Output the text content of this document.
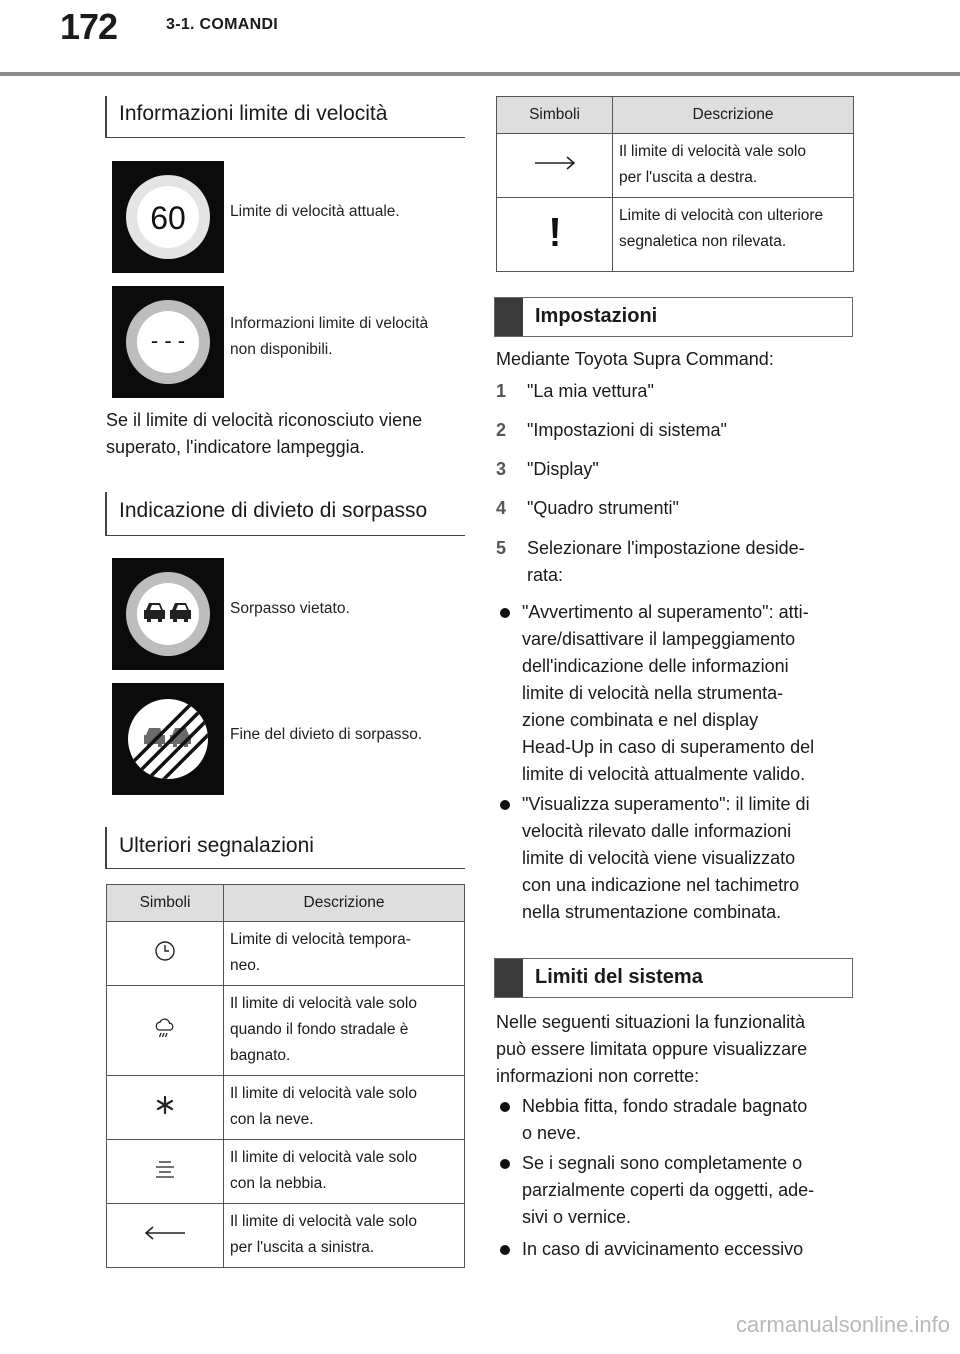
172	3-1. COMANDI
Informazioni limite di velocità
60	Limite di velocità attuale.
- - -
Informazioni limite di velocità
non disponibili.
Se il limite di velocità riconosciuto viene
superato, l'indicatore lampeggia.
Indicazione di divieto di sorpasso
Sorpasso vietato.
Fine del divieto di sorpasso.
Ulteriori segnalazioni
Simboli	Descrizione

Limite di velocità tempora-
neo.

Il limite di velocità vale solo
quando il fondo stradale è
bagnato.

Il limite di velocità vale solo
con la neve.

Il limite di velocità vale solo
con la nebbia.

Il limite di velocità vale solo
per l'uscita a sinistra.
Simboli	Descrizione

Il limite di velocità vale solo
per l'uscita a destra.

Limite di velocità con ulteriore
segnaletica non rilevata.
Impostazioni
Mediante Toyota Supra Command:
1 "La mia vettura"
2 "Impostazioni di sistema"
3 "Display"
4 "Quadro strumenti"
5 Selezionare l'impostazione deside-
rata:
"Avvertimento al superamento": atti-
vare/disattivare il lampeggiamento
dell'indicazione delle informazioni
limite di velocità nella strumenta-
zione combinata e nel display
Head-Up in caso di superamento del
limite di velocità attualmente valido.
"Visualizza superamento": il limite di
velocità rilevato dalle informazioni
limite di velocità viene visualizzato
con una indicazione nel tachimetro
nella strumentazione combinata.
Limiti del sistema
Nelle seguenti situazioni la funzionalità
può essere limitata oppure visualizzare
informazioni non corrette:
Nebbia fitta, fondo stradale bagnato
o neve.
Se i segnali sono completamente o
parzialmente coperti da oggetti, ade-
sivi o vernice.
In caso di avvicinamento eccessivo
carmanualsonline.info
